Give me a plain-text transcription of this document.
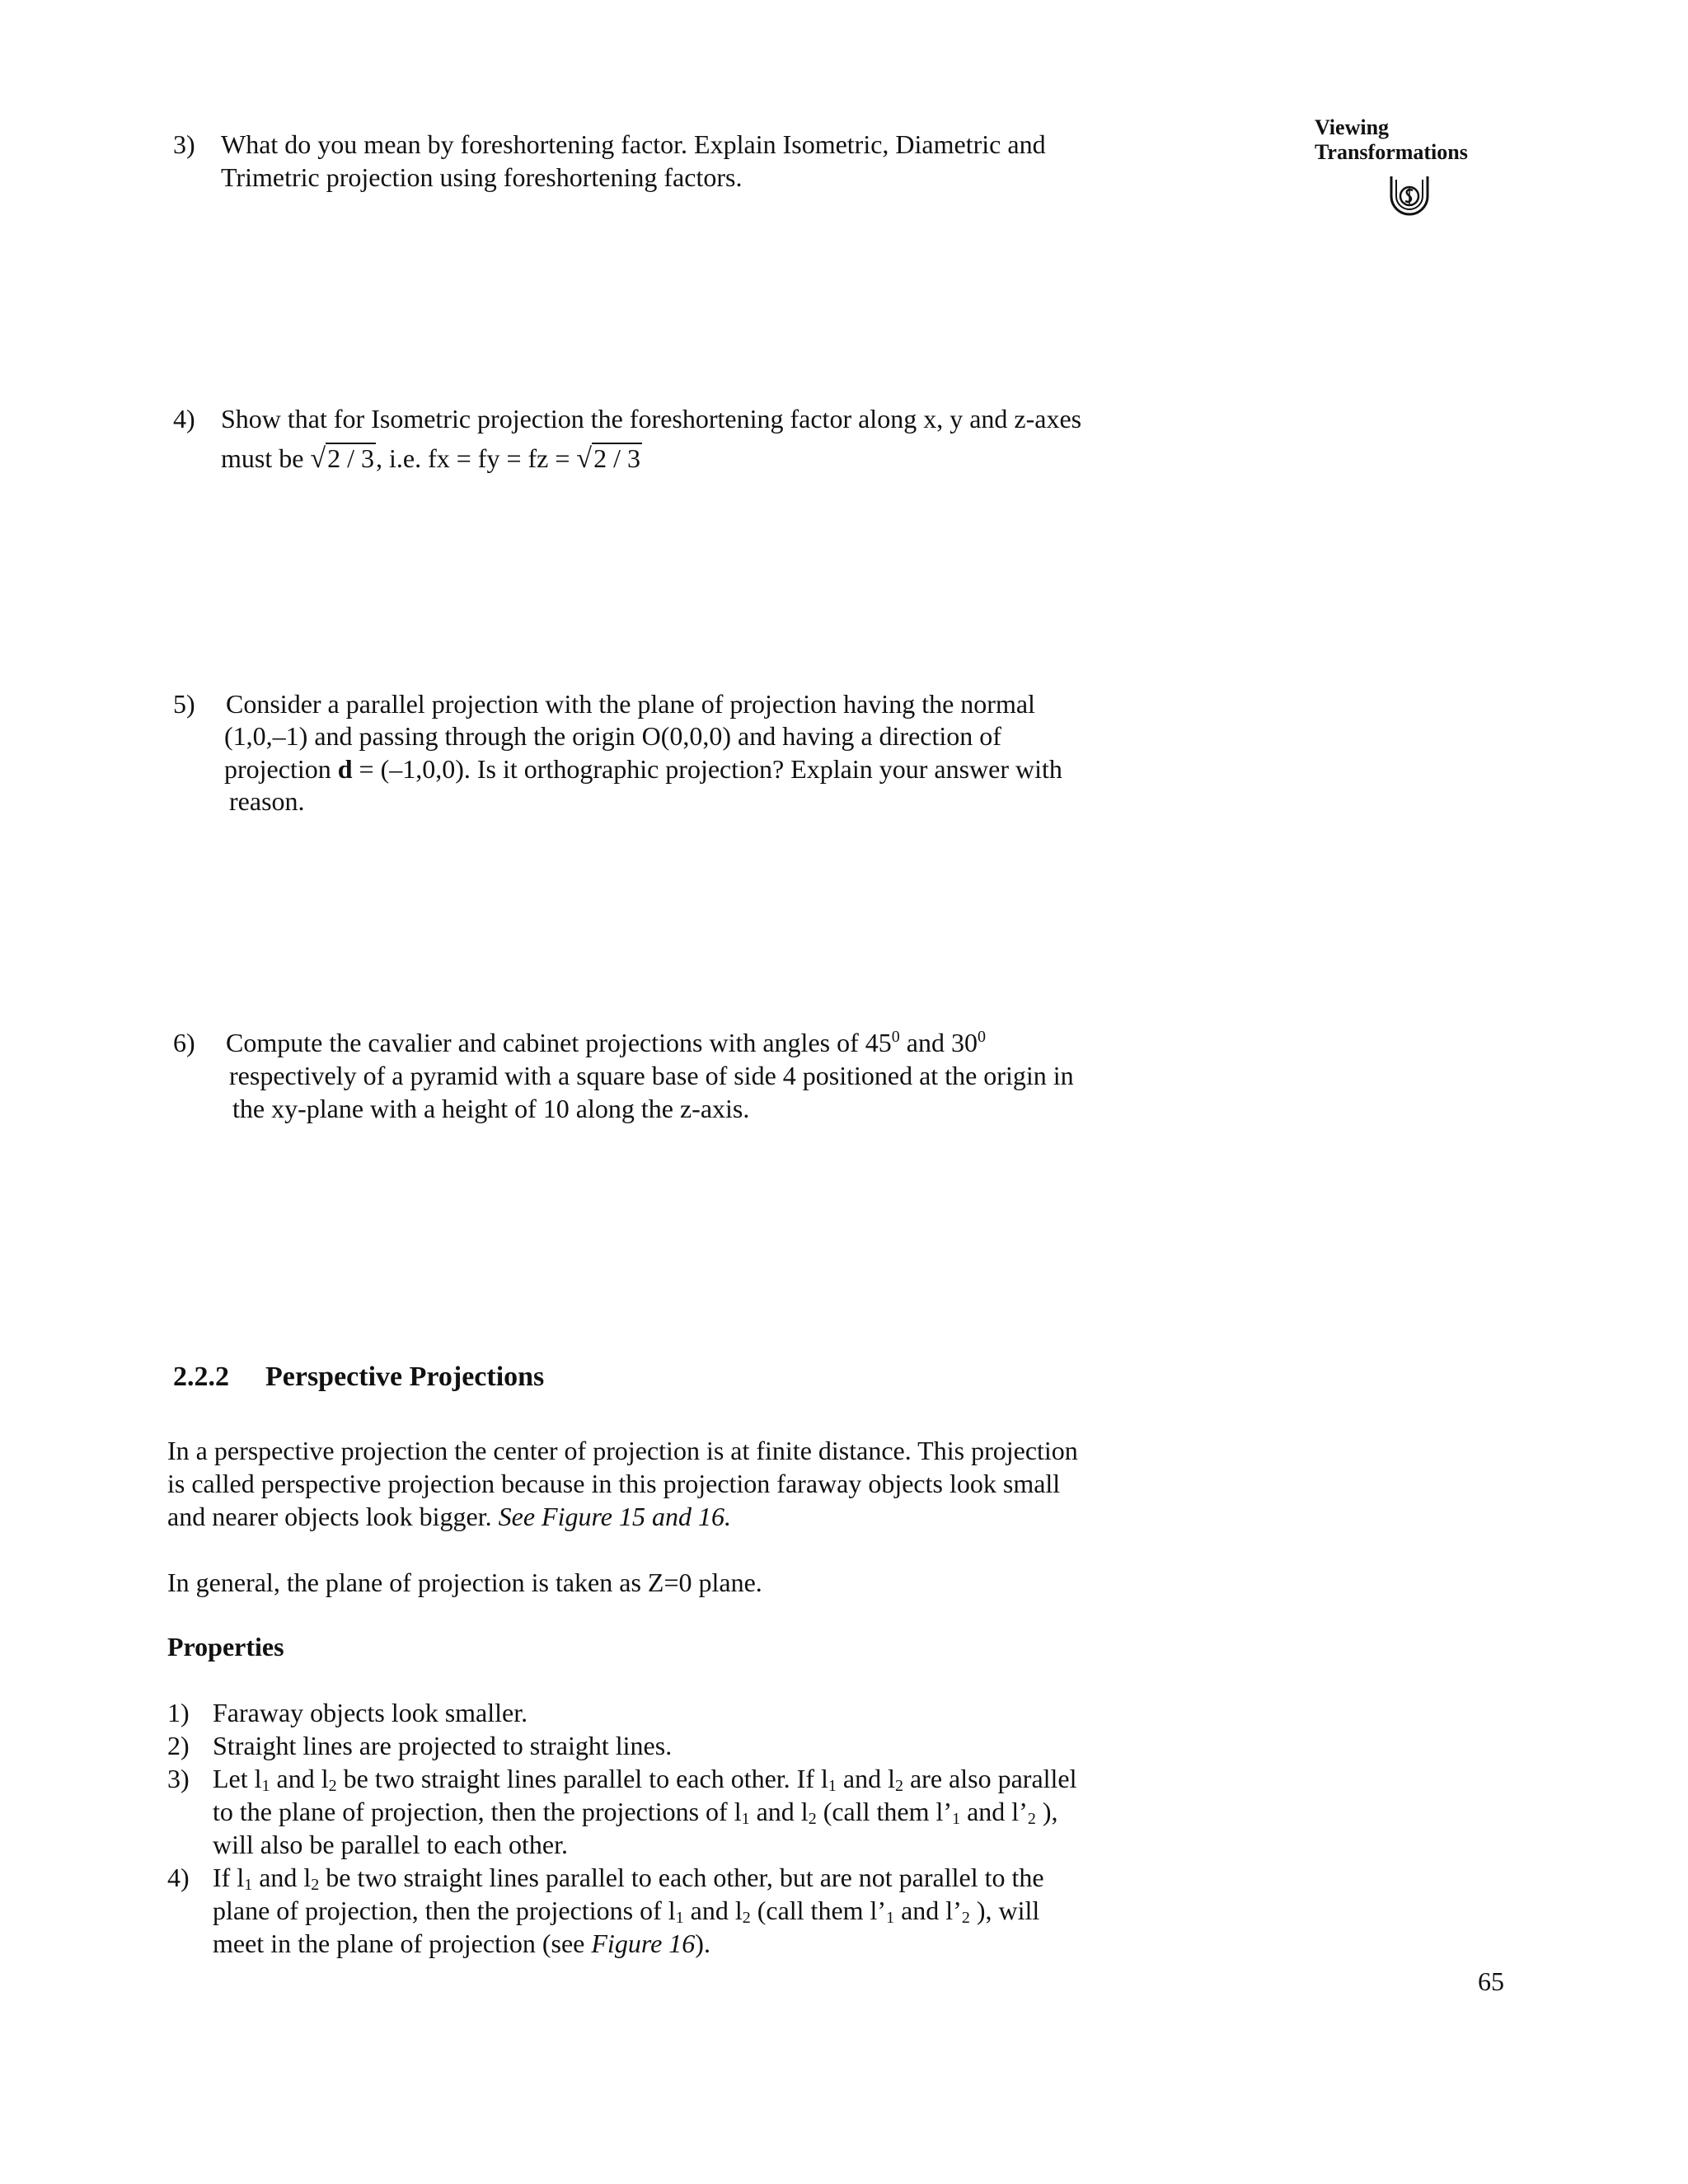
Viewing
Transformations
3) What do you mean by foreshortening factor. Explain Isometric, Diametric and
Trimetric projection using foreshortening factors.
………………………………………………………………………………………………………………………
………………………………………………………………………………………………………………………
………………………………………………………………………………………………………………………
………………………………………………………………………………………………………………………
4) Show that for Isometric projection the foreshortening factor along x, y and z-axes
must be √2 / 3, i.e. fx = fy = fz = √2 / 3
………………………………………………………………………………………………………………………
………………………………………………………………………………………………………………………
………………………………………………………………………………………………………………………
………………………………………………………………………………………………………………………
5) Consider a parallel projection with the plane of projection having the normal
(1,0,–1) and passing through the origin O(0,0,0) and having a direction of
projection d = (–1,0,0). Is it orthographic projection? Explain your answer with
reason.
………………………………………………………………………………………………………………………
………………………………………………………………………………………………………………………
………………………………………………………………………………………………………………………
………………………………………………………………………………………………………………………
6) Compute the cavalier and cabinet projections with angles of $45^0$ and $30^0$
respectively of a pyramid with a square base of side 4 positioned at the origin in
the xy-plane with a height of 10 along the z-axis.
………………………………………………………………………………………………………………………
………………………………………………………………………………………………………………………
………………………………………………………………………………………………………………………
………………………………………………………………………………………………………………………
2.2.2 Perspective Projections
In a perspective projection the center of projection is at finite distance. This projection
is called perspective projection because in this projection faraway objects look small
and nearer objects look bigger. See Figure 15 and 16.
In general, the plane of projection is taken as Z=0 plane.
Properties
1) Faraway objects look smaller.
2) Straight lines are projected to straight lines.
3) Let $l_1$ and $l_2$ be two straight lines parallel to each other. If $l_1$ and $l_2$ are also parallel
to the plane of projection, then the projections of $l_1$ and $l_2$ (call them $l’_1$ and $l’_2$ ),
will also be parallel to each other.
4) If $l_1$ and $l_2$ be two straight lines parallel to each other, but are not parallel to the
plane of projection, then the projections of $l_1$ and $l_2$ (call them $l’_1$ and $l’_2$ ), will
meet in the plane of projection (see Figure 16).
65
